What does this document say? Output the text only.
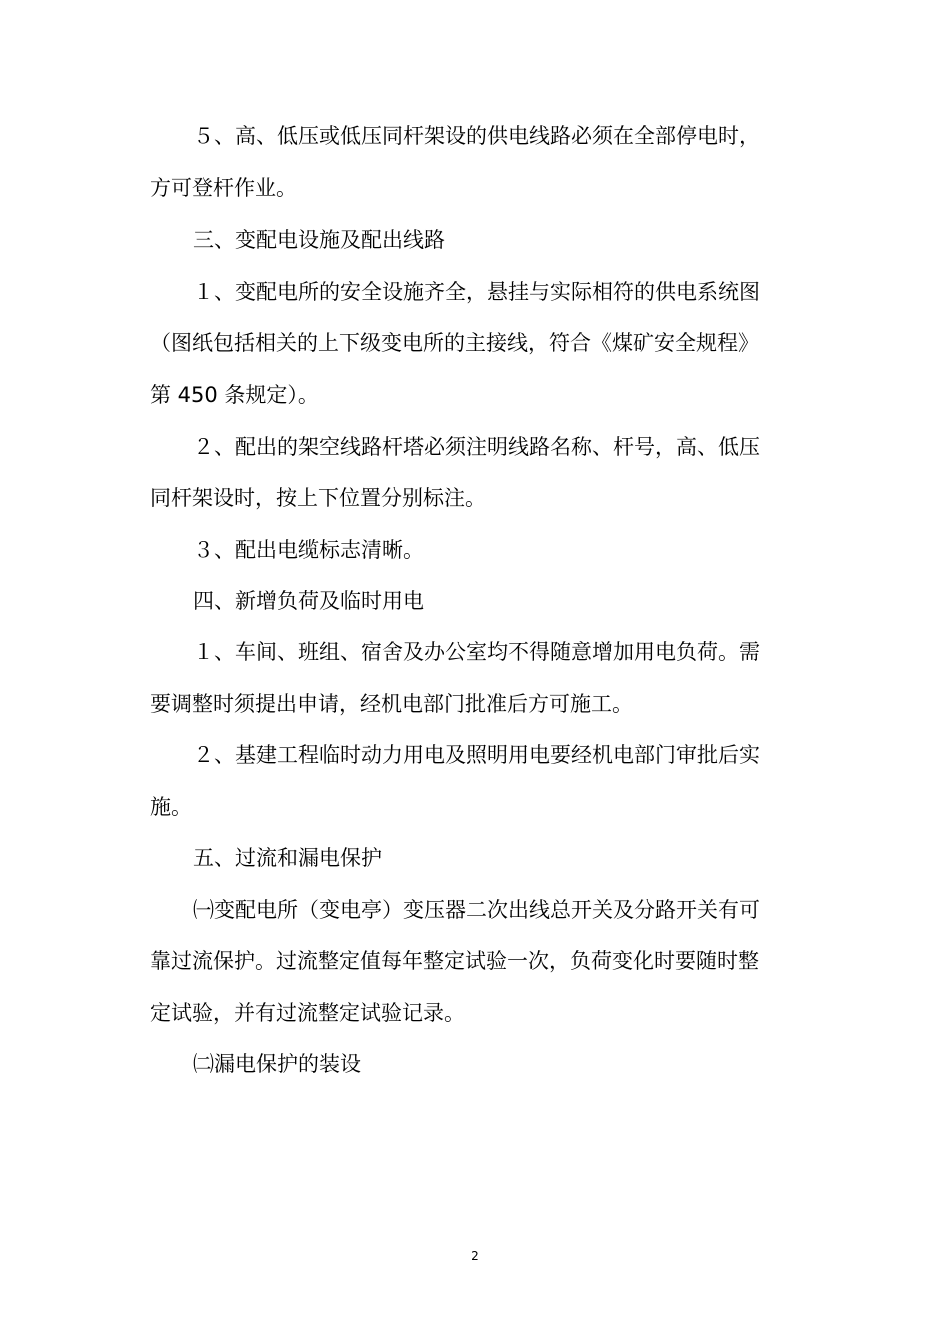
５、高、低压或低压同杆架设的供电线路必须在全部停电时，
方可登杆作业。
三、变配电设施及配出线路
１、变配电所的安全设施齐全，悬挂与实际相符的供电系统图
（图纸包括相关的上下级变电所的主接线，符合《煤矿安全规程》
第 450 条规定）。
２、配出的架空线路杆塔必须注明线路名称、杆号，高、低压
同杆架设时，按上下位置分别标注。
３、配出电缆标志清晰。
四、新增负荷及临时用电
１、车间、班组、宿舍及办公室均不得随意增加用电负荷。需
要调整时须提出申请，经机电部门批准后方可施工。
２、基建工程临时动力用电及照明用电要经机电部门审批后实
施。
五、过流和漏电保护
㈠变配电所（变电亭）变压器二次出线总开关及分路开关有可
靠过流保护。过流整定值每年整定试验一次，负荷变化时要随时整
定试验，并有过流整定试验记录。
㈡漏电保护的装设
2
